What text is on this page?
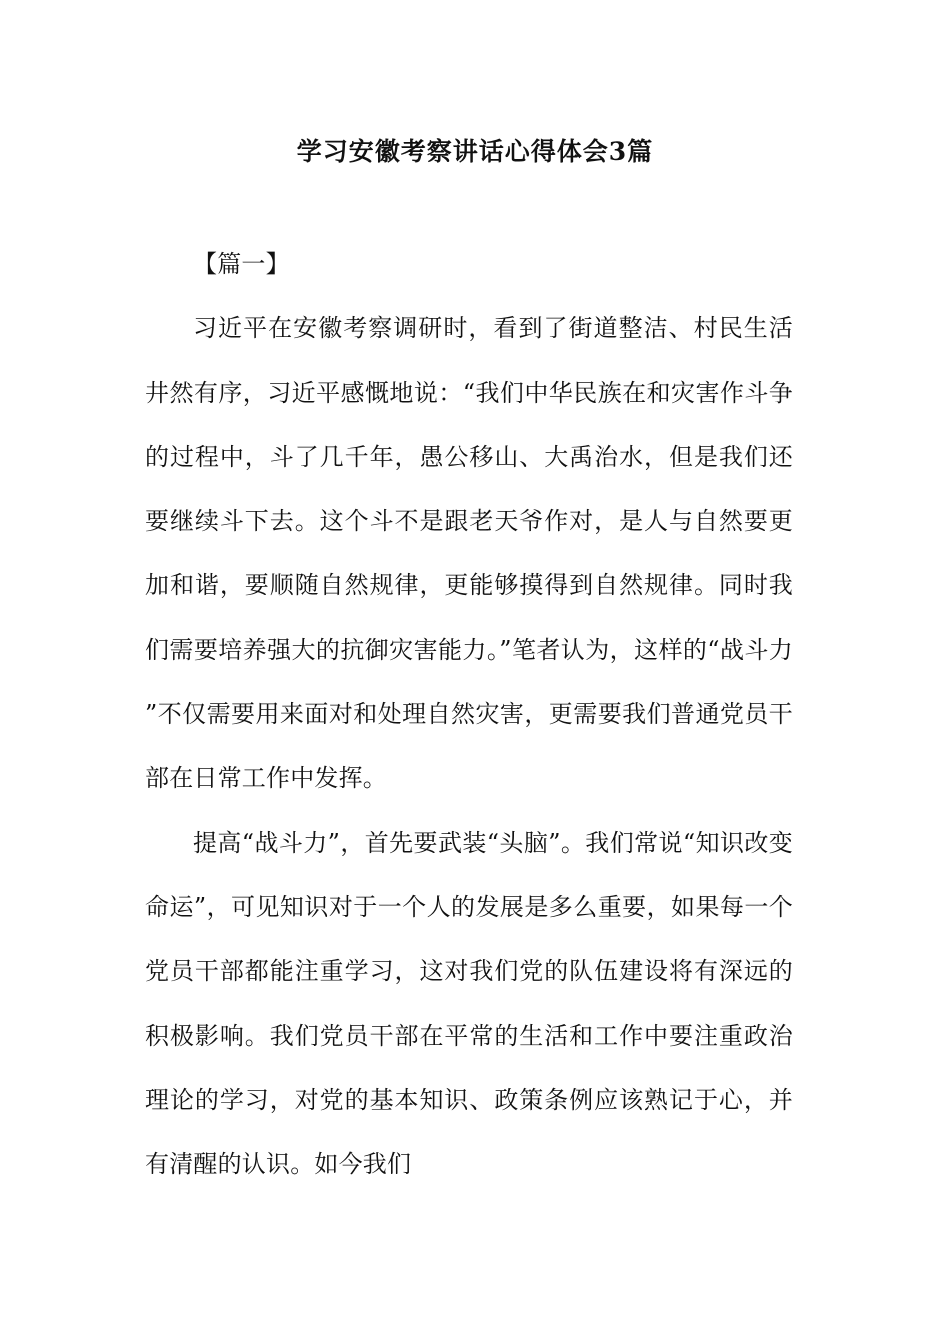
学习安徽考察讲话心得体会3篇

【篇一】

习近平在安徽考察调研时，看到了街道整洁、村民生活井然有序，习近平感慨地说：“我们中华民族在和灾害作斗争的过程中，斗了几千年，愚公移山、大禹治水，但是我们还要继续斗下去。这个斗不是跟老天爷作对，是人与自然要更加和谐，要顺随自然规律，更能够摸得到自然规律。同时我们需要培养强大的抗御灾害能力。”笔者认为，这样的“战斗力”不仅需要用来面对和处理自然灾害，更需要我们普通党员干部在日常工作中发挥。

提高“战斗力”，首先要武装“头脑”。我们常说“知识改变命运”，可见知识对于一个人的发展是多么重要，如果每一个党员干部都能注重学习，这对我们党的队伍建设将有深远的积极影响。我们党员干部在平常的生活和工作中要注重政治理论的学习，对党的基本知识、政策条例应该熟记于心，并有清醒的认识。如今我们
